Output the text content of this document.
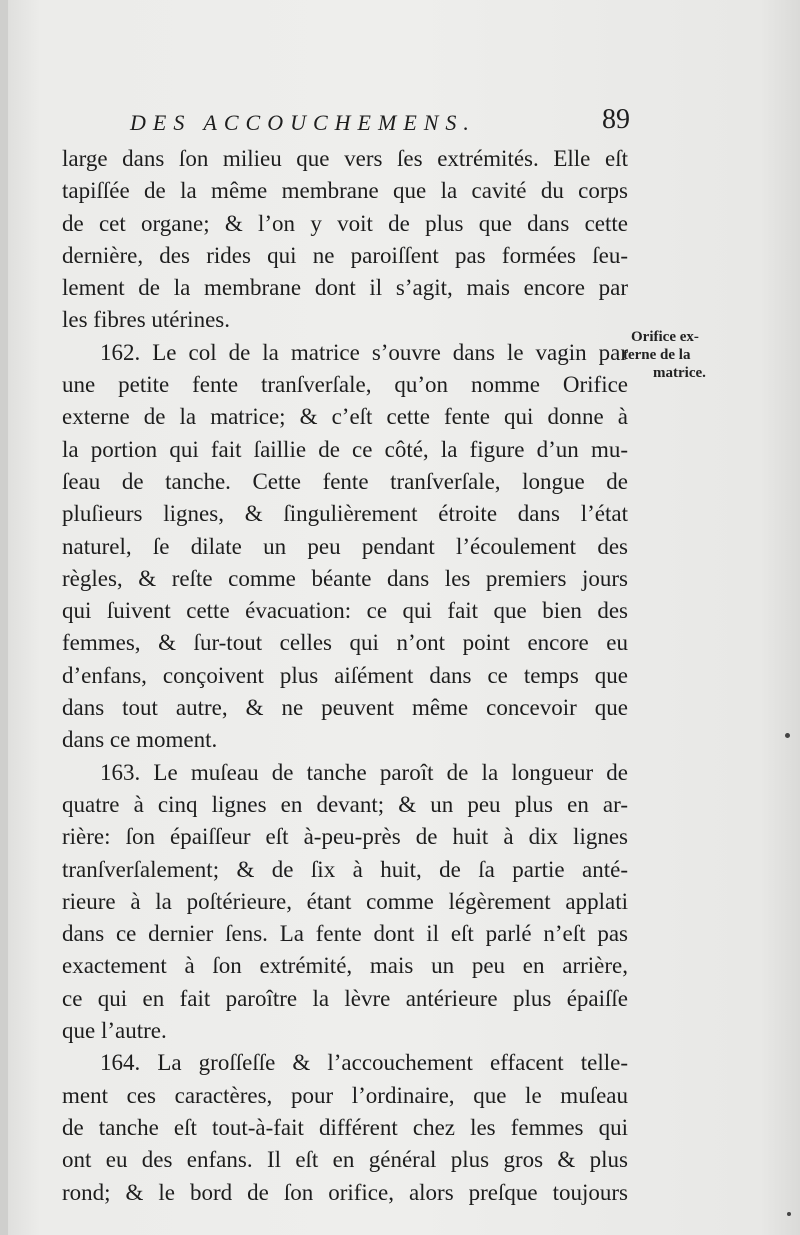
DES ACCOUCHEMENS.	89
large dans ſon milieu que vers ſes extrémités. Elle eſt
tapiſſée de la même membrane que la cavité du corps
de cet organe; & l’on y voit de plus que dans cette
dernière, des rides qui ne paroiſſent pas formées ſeu-
lement de la membrane dont il s’agit, mais encore par
les fibres utérines.
162. Le col de la matrice s’ouvre dans le vagin par
une petite fente tranſverſale, qu’on nomme Orifice
externe de la matrice; & c’eſt cette fente qui donne à
la portion qui fait ſaillie de ce côté, la figure d’un mu-
ſeau de tanche. Cette fente tranſverſale, longue de
pluſieurs lignes, & ſingulièrement étroite dans l’état
naturel, ſe dilate un peu pendant l’écoulement des
règles, & reſte comme béante dans les premiers jours
qui ſuivent cette évacuation: ce qui fait que bien des
femmes, & ſur-tout celles qui n’ont point encore eu
d’enfans, conçoivent plus aiſément dans ce temps que
dans tout autre, & ne peuvent même concevoir que
dans ce moment.
163. Le muſeau de tanche paroît de la longueur de
quatre à cinq lignes en devant; & un peu plus en ar-
rière: ſon épaiſſeur eſt à-peu-près de huit à dix lignes
tranſverſalement; & de ſix à huit, de ſa partie anté-
rieure à la poſtérieure, étant comme légèrement applati
dans ce dernier ſens. La fente dont il eſt parlé n’eſt pas
exactement à ſon extrémité, mais un peu en arrière,
ce qui en fait paroître la lèvre antérieure plus épaiſſe
que l’autre.
164. La groſſeſſe & l’accouchement effacent telle-
ment ces caractères, pour l’ordinaire, que le muſeau
de tanche eſt tout-à-fait différent chez les femmes qui
ont eu des enfans. Il eſt en général plus gros & plus
rond; & le bord de ſon orifice, alors preſque toujours
Orifice ex-
terne de la
matrice.
